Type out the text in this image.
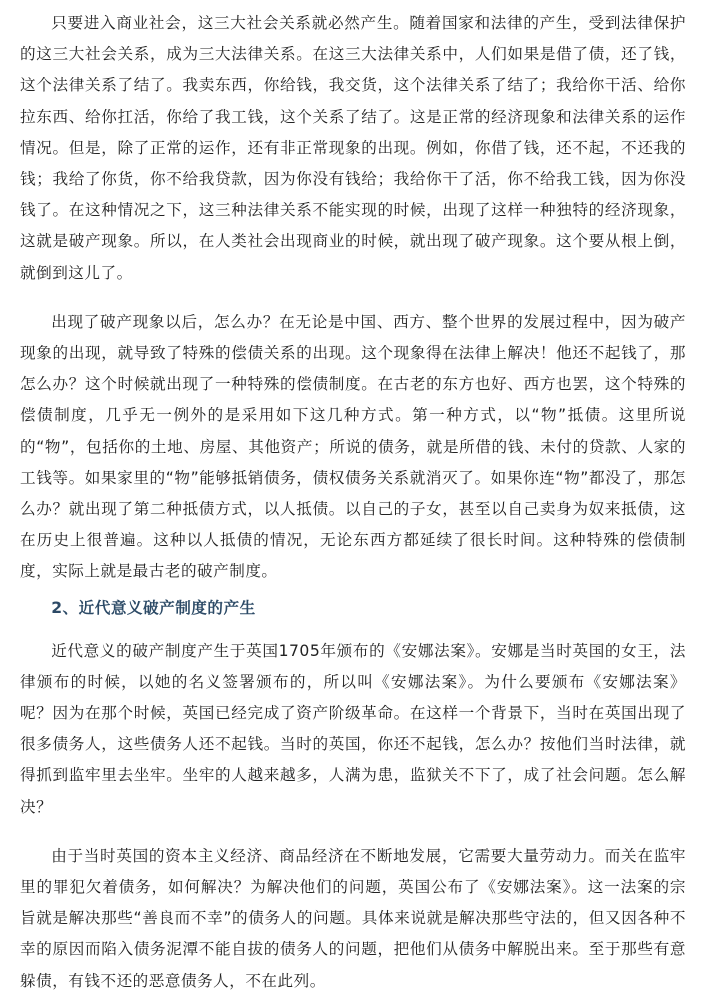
只要进入商业社会，这三大社会关系就必然产生。随着国家和法律的产生，受到法律保护的这三大社会关系，成为三大法律关系。在这三大法律关系中，人们如果是借了债，还了钱，这个法律关系了结了。我卖东西，你给钱，我交货，这个法律关系了结了；我给你干活、给你拉东西、给你扛活，你给了我工钱，这个关系了结了。这是正常的经济现象和法律关系的运作情况。但是，除了正常的运作，还有非正常现象的出现。例如，你借了钱，还不起，不还我的钱；我给了你货，你不给我贷款，因为你没有钱给；我给你干了活，你不给我工钱，因为你没钱了。在这种情况之下，这三种法律关系不能实现的时候，出现了这样一种独特的经济现象，这就是破产现象。所以，在人类社会出现商业的时候，就出现了破产现象。这个要从根上倒，就倒到这儿了。

出现了破产现象以后，怎么办？在无论是中国、西方、整个世界的发展过程中，因为破产现象的出现，就导致了特殊的偿债关系的出现。这个现象得在法律上解决！他还不起钱了，那怎么办？这个时候就出现了一种特殊的偿债制度。在古老的东方也好、西方也罢，这个特殊的偿债制度，几乎无一例外的是采用如下这几种方式。第一种方式，以“物”抵债。这里所说的“物”，包括你的土地、房屋、其他资产；所说的债务，就是所借的钱、未付的贷款、人家的工钱等。如果家里的“物”能够抵销债务，债权债务关系就消灭了。如果你连“物”都没了，那怎么办？就出现了第二种抵债方式，以人抵债。以自己的子女，甚至以自己卖身为奴来抵债，这在历史上很普遍。这种以人抵债的情况，无论东西方都延续了很长时间。这种特殊的偿债制度，实际上就是最古老的破产制度。

2、近代意义破产制度的产生

近代意义的破产制度产生于英国1705年颁布的《安娜法案》。安娜是当时英国的女王，法律颁布的时候，以她的名义签署颁布的，所以叫《安娜法案》。为什么要颁布《安娜法案》呢？因为在那个时候，英国已经完成了资产阶级革命。在这样一个背景下，当时在英国出现了很多债务人，这些债务人还不起钱。当时的英国，你还不起钱，怎么办？按他们当时法律，就得抓到监牢里去坐牢。坐牢的人越来越多，人满为患，监狱关不下了，成了社会问题。怎么解决？

由于当时英国的资本主义经济、商品经济在不断地发展，它需要大量劳动力。而关在监牢里的罪犯欠着债务，如何解决？为解决他们的问题，英国公布了《安娜法案》。这一法案的宗旨就是解决那些“善良而不幸”的债务人的问题。具体来说就是解决那些守法的，但又因各种不幸的原因而陷入债务泥潭不能自拔的债务人的问题，把他们从债务中解脱出来。至于那些有意躲债，有钱不还的恶意债务人，不在此列。
